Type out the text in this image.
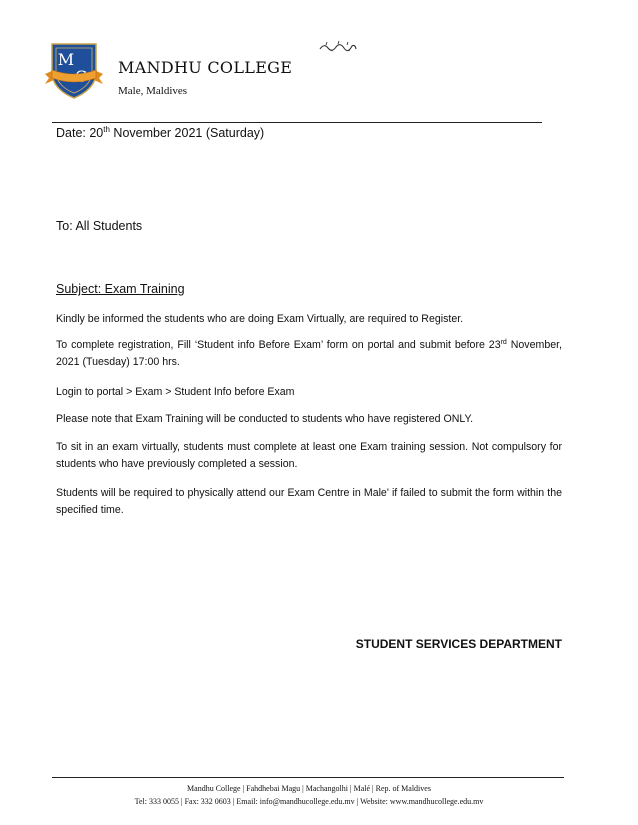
M	MANDHU COLLEGE
Male, Maldives
Date: 20th November 2021 (Saturday)
To: All Students
Subject: Exam Training
Kindly be informed the students who are doing Exam Virtually, are required to Register.
To complete registration, Fill ‘Student info Before Exam’ form on portal and submit before 23rd November, 2021 (Tuesday) 17:00 hrs.
Login to portal > Exam > Student Info before Exam
Please note that Exam Training will be conducted to students who have registered ONLY.
To sit in an exam virtually, students must complete at least one Exam training session. Not compulsory for students who have previously completed a session.
Students will be required to physically attend our Exam Centre in Male' if failed to submit the form within the specified time.
STUDENT SERVICES DEPARTMENT
Mandhu College | Fahdhebai Magu | Machangolhi | Malé | Rep. of Maldives
Tel: 333 0055 | Fax: 332 0603 | Email: info@mandhucollege.edu.mv | Website: www.mandhucollege.edu.mv
